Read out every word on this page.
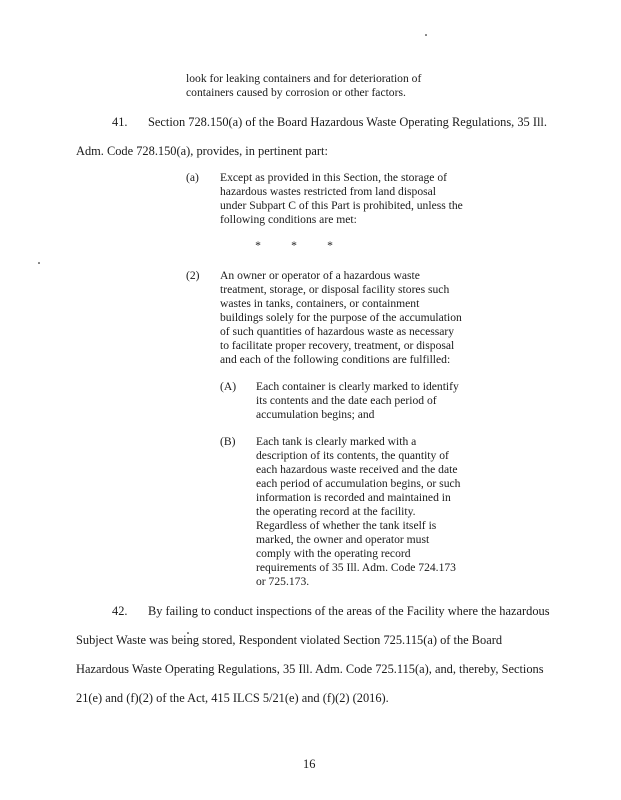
look for leaking containers and for deterioration of
containers caused by corrosion or other factors.
41. Section 728.150(a) of the Board Hazardous Waste Operating Regulations, 35 Ill.
Adm. Code 728.150(a), provides, in pertinent part:
(a) Except as provided in this Section, the storage of
hazardous wastes restricted from land disposal
under Subpart C of this Part is prohibited, unless the
following conditions are met:
*	*	*
(2) An owner or operator of a hazardous waste
treatment, storage, or disposal facility stores such
wastes in tanks, containers, or containment
buildings solely for the purpose of the accumulation
of such quantities of hazardous waste as necessary
to facilitate proper recovery, treatment, or disposal
and each of the following conditions are fulfilled:
(A) Each container is clearly marked to identify
its contents and the date each period of
accumulation begins; and
(B) Each tank is clearly marked with a
description of its contents, the quantity of
each hazardous waste received and the date
each period of accumulation begins, or such
information is recorded and maintained in
the operating record at the facility.
Regardless of whether the tank itself is
marked, the owner and operator must
comply with the operating record
requirements of 35 Ill. Adm. Code 724.173
or 725.173.
42. By failing to conduct inspections of the areas of the Facility where the hazardous
Subject Waste was being stored, Respondent violated Section 725.115(a) of the Board
Hazardous Waste Operating Regulations, 35 Ill. Adm. Code 725.115(a), and, thereby, Sections
21(e) and (f)(2) of the Act, 415 ILCS 5/21(e) and (f)(2) (2016).
16
